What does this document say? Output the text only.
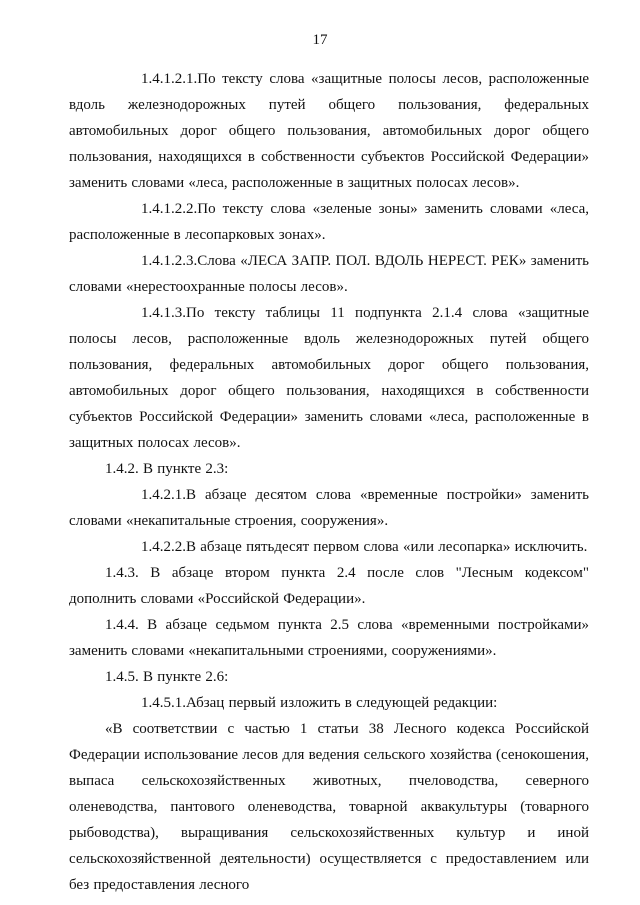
17

1.4.1.2.1.По тексту слова «защитные полосы лесов, расположенные вдоль железнодорожных путей общего пользования, федеральных автомобильных дорог общего пользования, автомобильных дорог общего пользования, находящихся в собственности субъектов Российской Федерации» заменить словами «леса, расположенные в защитных полосах лесов».

1.4.1.2.2.По тексту слова «зеленые зоны» заменить словами «леса, расположенные в лесопарковых зонах».

1.4.1.2.3.Слова «ЛЕСА ЗАПР. ПОЛ. ВДОЛЬ НЕРЕСТ. РЕК» заменить словами «нерестоохранные полосы лесов».

1.4.1.3.По тексту таблицы 11 подпункта 2.1.4 слова «защитные полосы лесов, расположенные вдоль железнодорожных путей общего пользования, федеральных автомобильных дорог общего пользования, автомобильных дорог общего пользования, находящихся в собственности субъектов Российской Федерации» заменить словами «леса, расположенные в защитных полосах лесов».

1.4.2. В пункте 2.3:

1.4.2.1.В абзаце десятом слова «временные постройки» заменить словами «некапитальные строения, сооружения».

1.4.2.2.В абзаце пятьдесят первом слова «или лесопарка» исключить.

1.4.3. В абзаце втором пункта 2.4 после слов "Лесным кодексом" дополнить словами «Российской Федерации».

1.4.4. В абзаце седьмом пункта 2.5 слова «временными постройками» заменить словами «некапитальными строениями, сооружениями».

1.4.5. В пункте 2.6:

1.4.5.1.Абзац первый изложить в следующей редакции:

«В соответствии с частью 1 статьи 38 Лесного кодекса Российской Федерации использование лесов для ведения сельского хозяйства (сенокошения, выпаса сельскохозяйственных животных, пчеловодства, северного оленеводства, пантового оленеводства, товарной аквакультуры (товарного рыбоводства), выращивания сельскохозяйственных культур и иной сельскохозяйственной деятельности) осуществляется с предоставлением или без предоставления лесного
